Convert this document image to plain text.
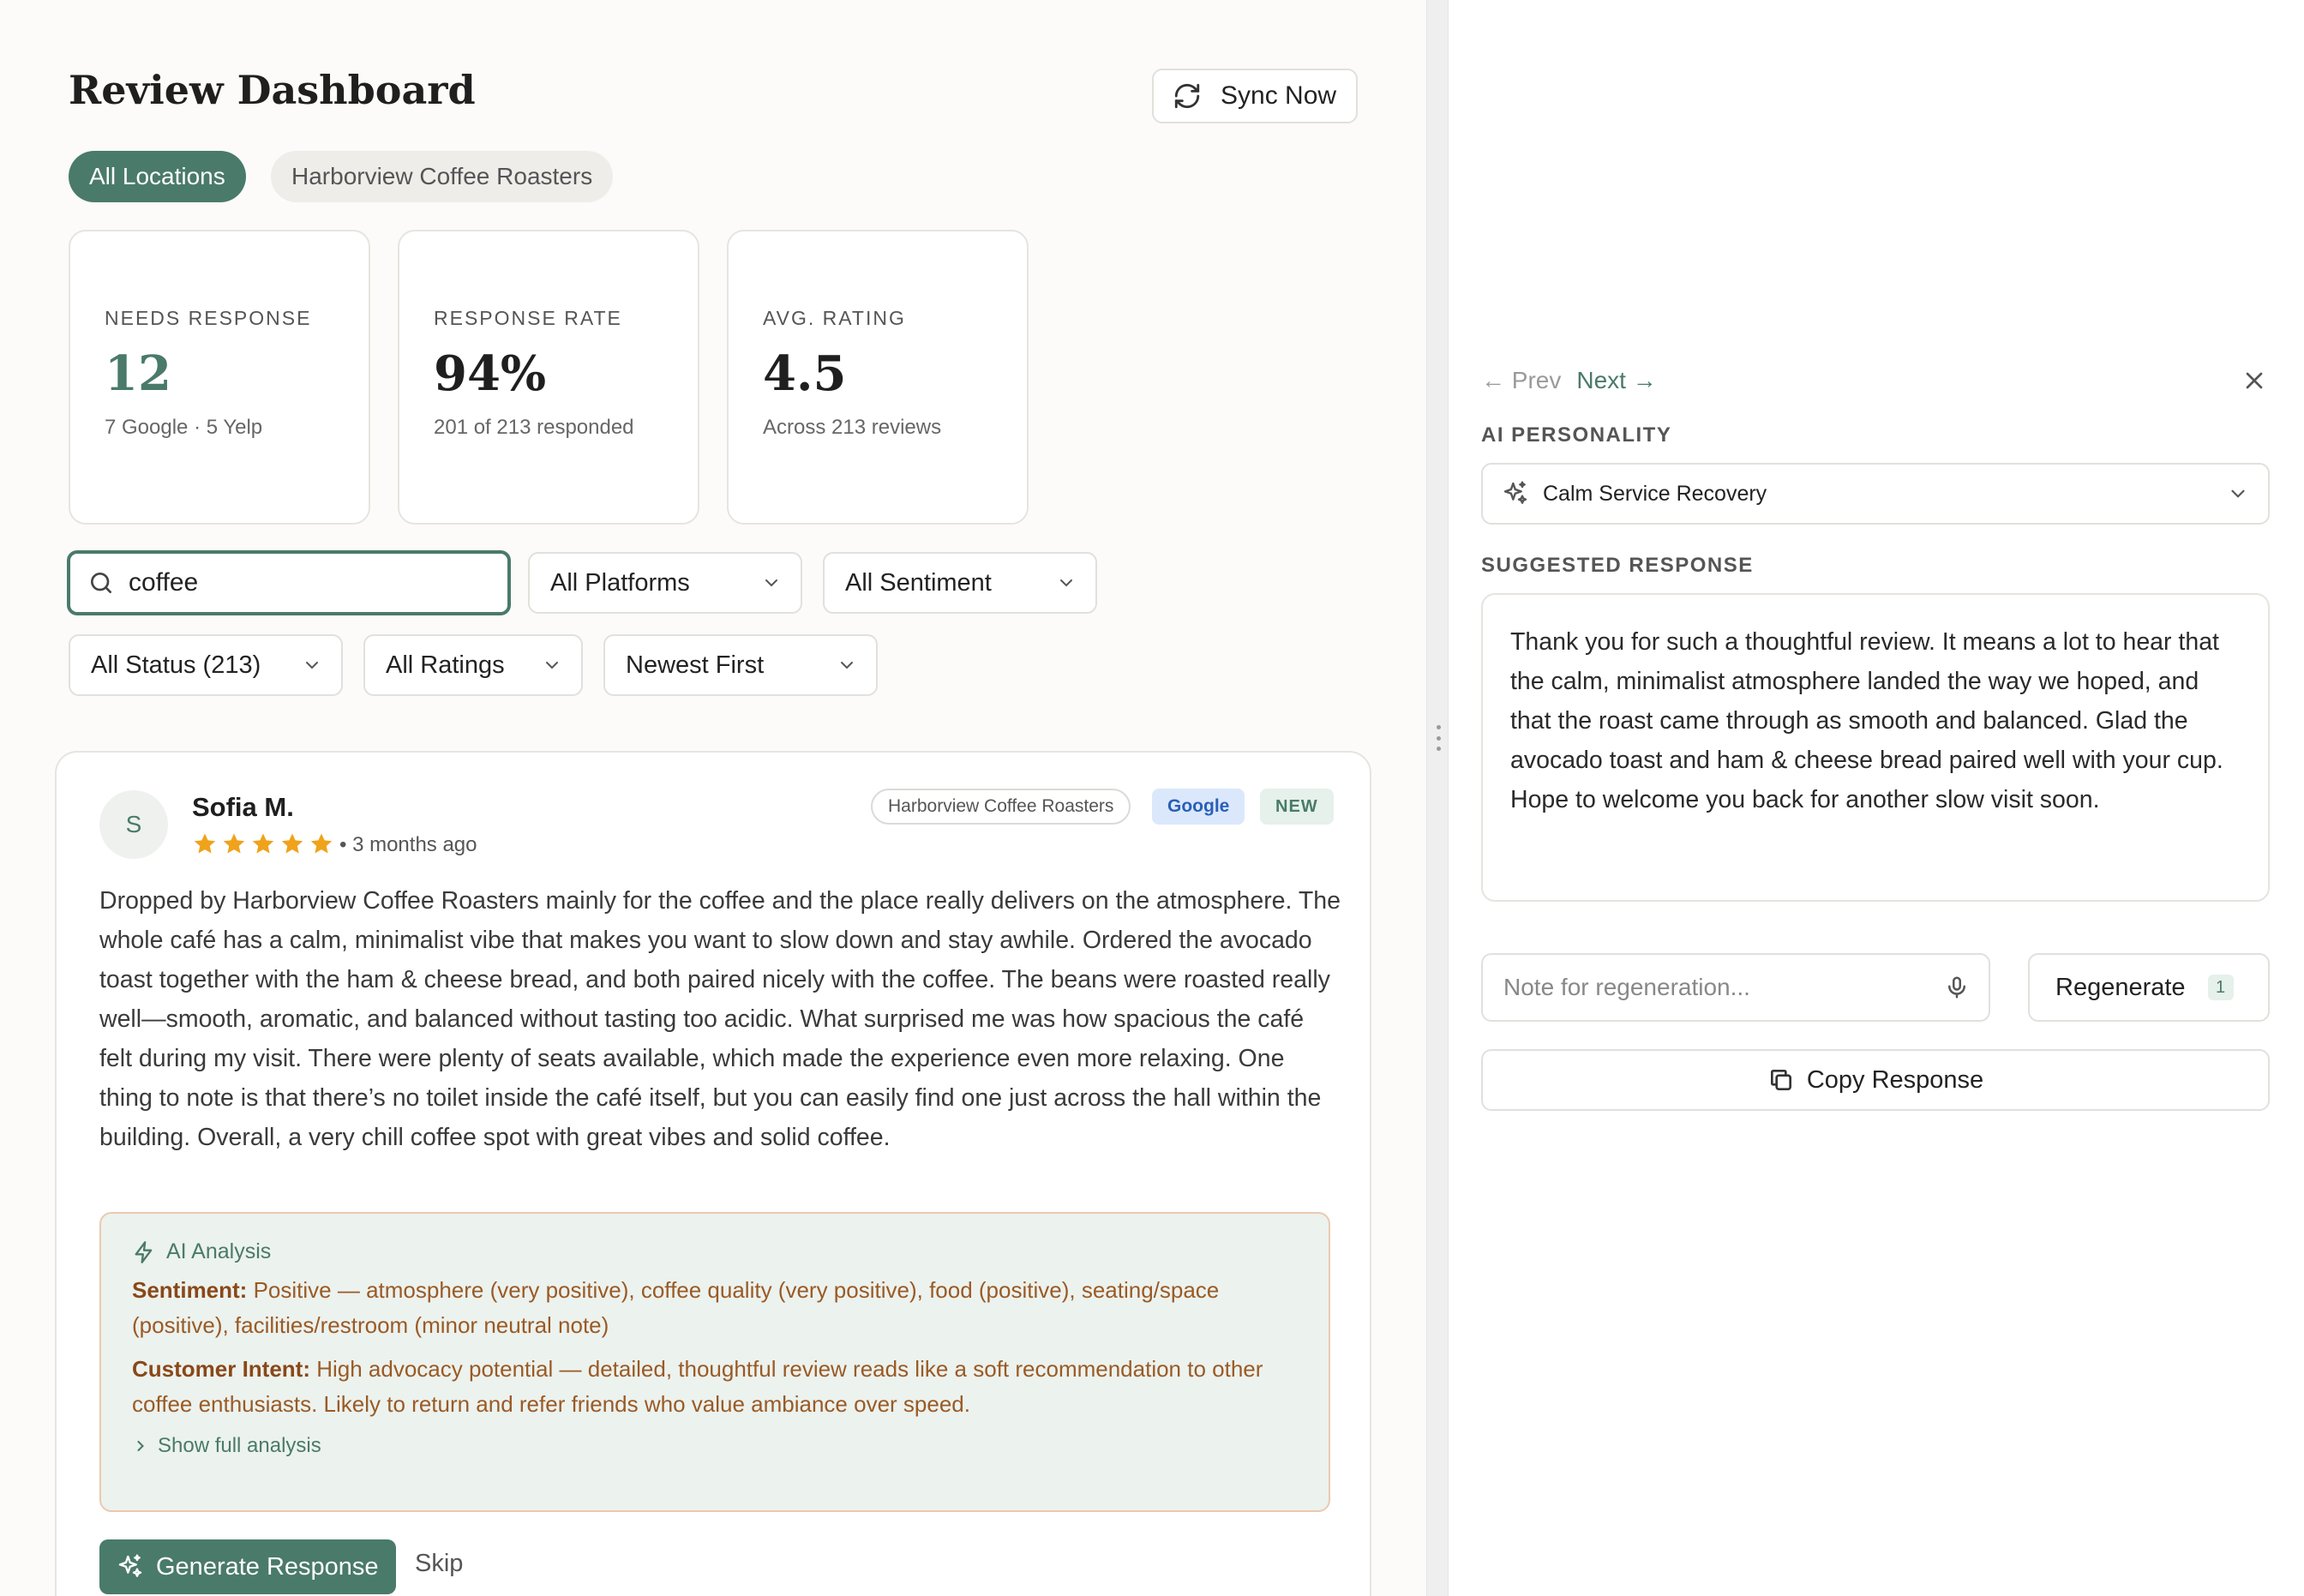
Review Dashboard	Sync Now
All Locations	Harborview Coffee Roasters
NEEDS RESPONSE
12
7 Google · 5 Yelp
RESPONSE RATE
94%
201 of 213 responded
AVG. RATING
4.5
Across 213 reviews
coffee	All Platforms	All Sentiment
All Status (213)	All Ratings	Newest First
S
Sofia M.
• 3 months ago
Harborview Coffee Roasters	Google	NEW

Dropped by Harborview Coffee Roasters mainly for the coffee and the place really delivers on the atmosphere. The whole café has a calm, minimalist vibe that makes you want to slow down and stay awhile. Ordered the avocado toast together with the ham & cheese bread, and both paired nicely with the coffee. The beans were roasted really well—smooth, aromatic, and balanced without tasting too acidic. What surprised me was how spacious the café felt during my visit. There were plenty of seats available, which made the experience even more relaxing. One thing to note is that there’s no toilet inside the café itself, but you can easily find one just across the hall within the building. Overall, a very chill coffee spot with great vibes and solid coffee.

AI Analysis
Sentiment: Positive — atmosphere (very positive), coffee quality (very positive), food (positive), seating/space (positive), facilities/restroom (minor neutral note)
Customer Intent: High advocacy potential — detailed, thoughtful review reads like a soft recommendation to other coffee enthusiasts. Likely to return and refer friends who value ambiance over speed.
Show full analysis
Generate Response Skip
← Prev Next →
AI PERSONALITY
Calm Service Recovery
SUGGESTED RESPONSE
Thank you for such a thoughtful review. It means a lot to hear that the calm, minimalist atmosphere landed the way we hoped, and that the roast came through as smooth and balanced. Glad the avocado toast and ham & cheese bread paired well with your cup. Hope to welcome you back for another slow visit soon.
Note for regeneration...	Regenerate	1
Copy Response
